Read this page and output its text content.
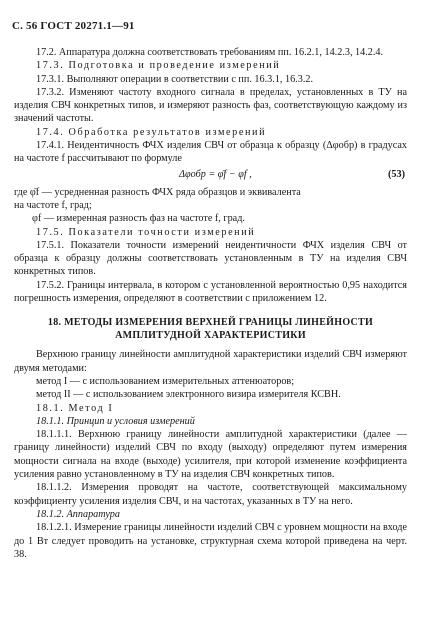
С. 56 ГОСТ 20271.1—91

17.2. Аппаратура должна соответствовать требованиям пп. 16.2.1, 14.2.3, 14.2.4.

17.3. Подготовка и проведение измерений

17.3.1. Выполняют операции в соответствии с пп. 16.3.1, 16.3.2.

17.3.2. Изменяют частоту входного сигнала в пределах, установленных в ТУ на изделия СВЧ конкретных типов, и измеряют разность фаз, соответствующую каждому из значений частоты.

17.4. Обработка результатов измерений

17.4.1. Неидентичность ФЧХ изделия СВЧ от образца к образцу (Δφобр) в градусах на частоте f рассчитывают по формуле

Δφобр = φ̄f − φf ,	(53)

где φ̄f — усредненная разность ФЧХ ряда образцов и эквивалента

на частоте f, град;

φf — измеренная разность фаз на частоте f, град.

17.5. Показатели точности измерений

17.5.1. Показатели точности измерений неидентичности ФЧХ изделия СВЧ от образца к образцу должны соответствовать установленным в ТУ на изделия СВЧ конкретных типов.

17.5.2. Границы интервала, в котором с установленной вероятностью 0,95 находится погрешность измерения, определяют в соответствии с приложением 12.

18. МЕТОДЫ ИЗМЕРЕНИЯ ВЕРХНЕЙ ГРАНИЦЫ ЛИНЕЙНОСТИ

АМПЛИТУДНОЙ ХАРАКТЕРИСТИКИ

Верхнюю границу линейности амплитудной характеристики изделий СВЧ измеряют двумя методами:

метод I — с использованием измерительных аттенюаторов;

метод II — с использованием электронного визира измерителя КСВН.

18.1. Метод I

18.1.1. Принцип и условия измерений

18.1.1.1. Верхнюю границу линейности амплитудной характеристики (далее — границу линейности) изделий СВЧ по входу (выходу) определяют путем измерения мощности сигнала на входе (выходе) усилителя, при которой изменение коэффициента усиления равно установленному в ТУ на изделия СВЧ конкретных типов.

18.1.1.2. Измерения проводят на частоте, соответствующей максимальному коэффициенту усиления изделия СВЧ, и на частотах, указанных в ТУ на него.

18.1.2. Аппаратура

18.1.2.1. Измерение границы линейности изделий СВЧ с уровнем мощности на входе до 1 Вт следует проводить на установке, структурная схема которой приведена на черт. 38.
